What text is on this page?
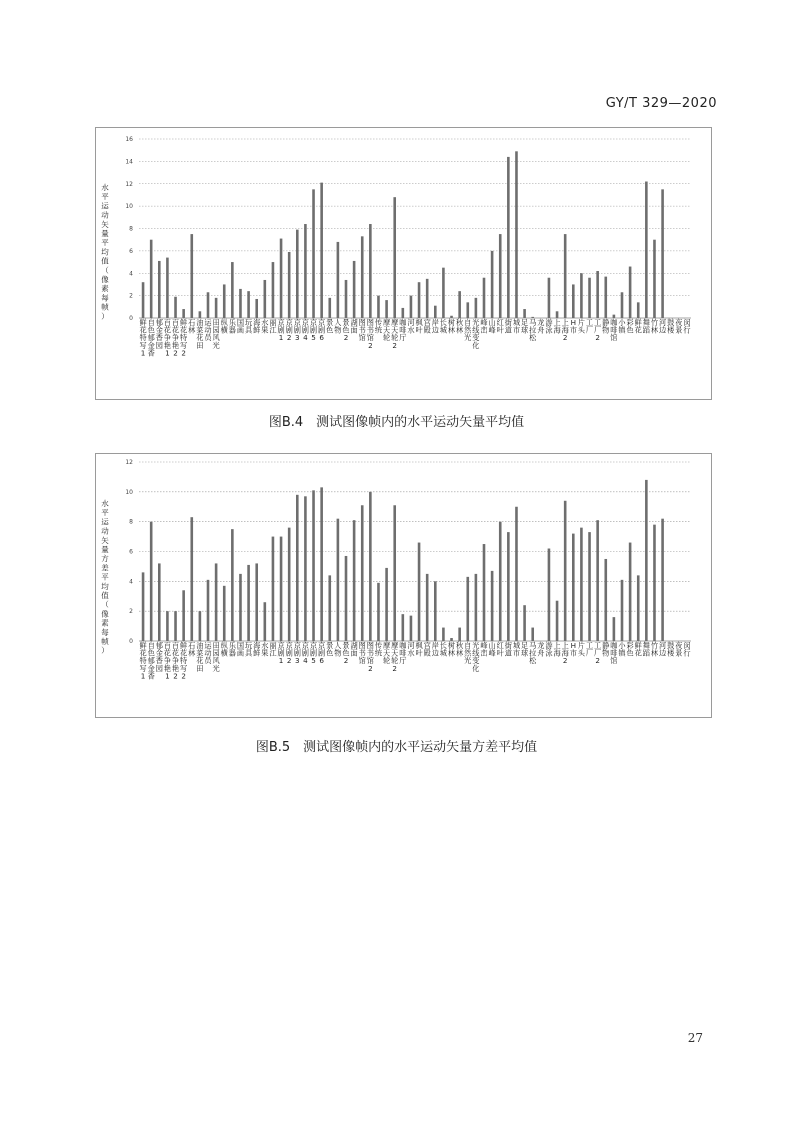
GY/T 329—2020
0
2
4
6
8
10
12
14
16
水平运动矢量平均值（像素每帧）
鲜花特写 1
自色郁金香
郁金香园
百花争艳 1
百花争艳 2
鲜花特写 2
石林
油菜花田
运动员
田园风光
纵横
乐器
国画
玩具
海鲜
水果
丽江
京剧 1
京剧 2
京剧 3
京剧 4
京剧 5
京剧 6
景色
人物
景色 2
湖面
图书馆
图书馆 2
传统
摩天轮
摩天轮 2
咖啡厅
河水
枫叶
宫殿
岸边
长城
树林
秋林
自然光
光线变化
峰峦
山峰
红叶
街道
城市
足球
马拉松
龙舟
游泳
上海
上海 2
H 市
片头
工厂
工厂 2
静物
咖啡馆
小镇
彩色
鲜花
舞蹈
竹林
河边
鼓楼
夜景
闵行
图B.4　测试图像帧内的水平运动矢量平均值
0
2
4
6
8
10
12
水平运动矢量方差平均值（像素每帧）
鲜花特写 1
自色郁金香
郁金香园
百花争艳 1
百花争艳 2
鲜花特写 2
石林
油菜花田
运动员
田园风光
纵横
乐器
国画
玩具
海鲜
水果
丽江
京剧 1
京剧 2
京剧 3
京剧 4
京剧 5
京剧 6
景色
人物
景色 2
湖面
图书馆
图书馆 2
传统
摩天轮
摩天轮 2
咖啡厅
河水
枫叶
宫殿
岸边
长城
树林
秋林
自然光
光线变化
峰峦
山峰
红叶
街道
城市
足球
马拉松
龙舟
游泳
上海
上海 2
H 市
片头
工厂
工厂 2
静物
咖啡馆
小镇
彩色
鲜花
舞蹈
竹林
河边
鼓楼
夜景
闵行
图B.5　测试图像帧内的水平运动矢量方差平均值
27
